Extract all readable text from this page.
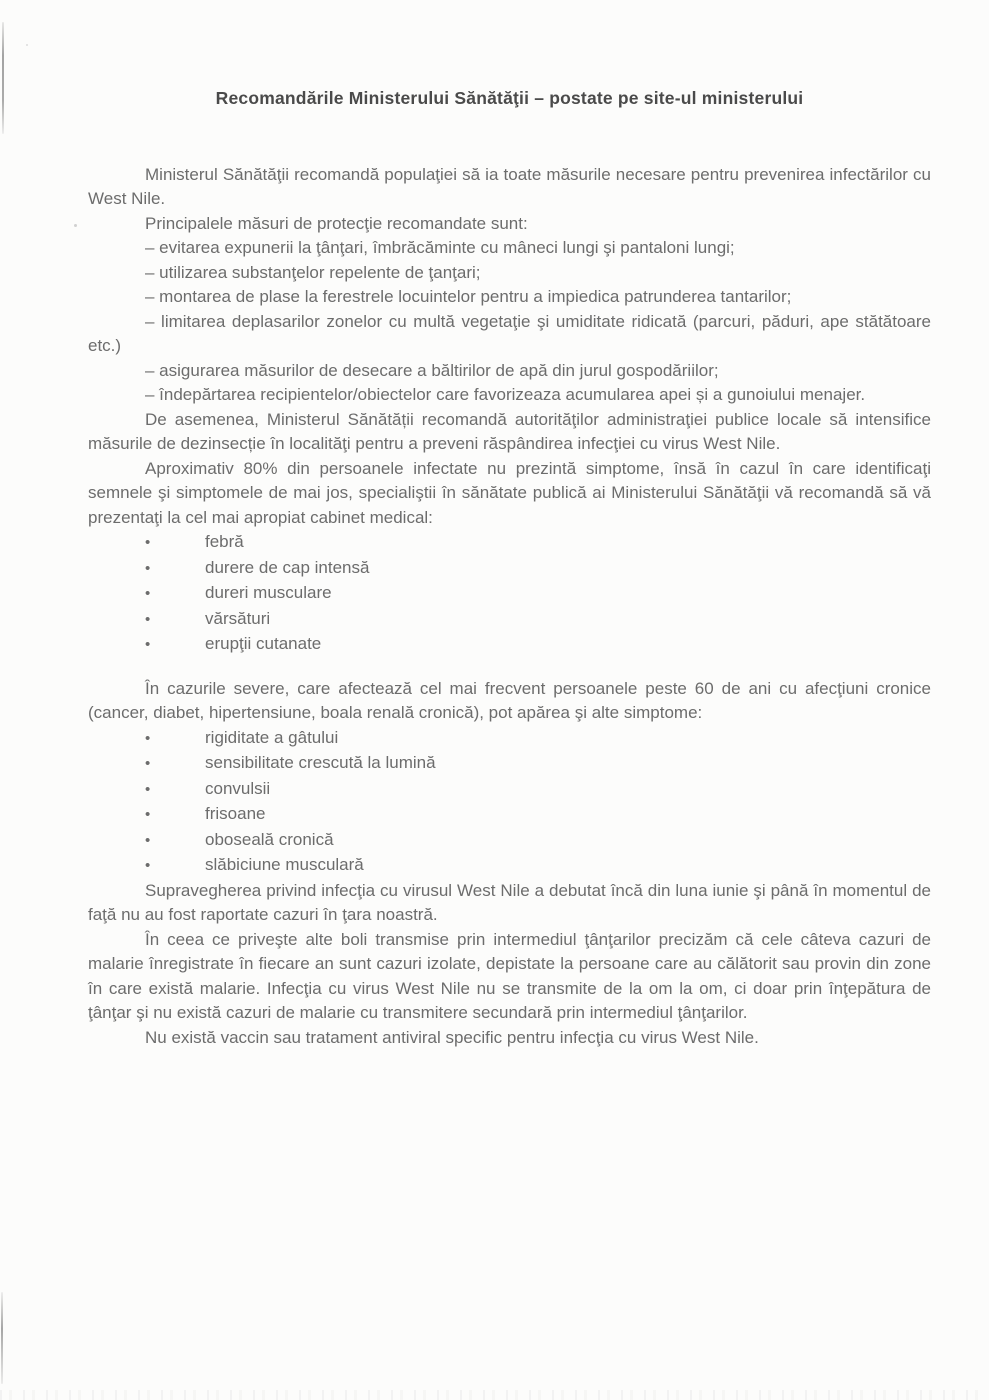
Recomandările Ministerului Sănătăţii – postate pe site-ul ministerului

Ministerul Sănătăţii recomandă populaţiei să ia toate măsurile necesare pentru prevenirea infectărilor cu West Nile.

Principalele măsuri de protecţie recomandate sunt:

– evitarea expunerii la ţânţari, îmbrăcăminte cu mâneci lungi şi pantaloni lungi;

– utilizarea substanţelor repelente de ţanţari;

– montarea de plase la ferestrele locuintelor pentru a impiedica patrunderea tantarilor;

– limitarea deplasarilor zonelor cu multă vegetaţie şi umiditate ridicată (parcuri, păduri, ape stătătoare etc.)

– asigurarea măsurilor de desecare a băltirilor de apă din jurul gospodăriilor;

– îndepărtarea recipientelor/obiectelor care favorizeaza acumularea apei și a gunoiului menajer.

De asemenea, Ministerul Sănătății recomandă autorităţilor administraţiei publice locale să intensifice măsurile de dezinsecție în localităţi pentru a preveni răspândirea infecţiei cu virus West Nile.

Aproximativ 80% din persoanele infectate nu prezintă simptome, însă în cazul în care identificaţi semnele şi simptomele de mai jos, specialiştii în sănătate publică ai Ministerului Sănătăţii vă recomandă să vă prezentaţi la cel mai apropiat cabinet medical:

•	febră
•	durere de cap intensă
•	dureri musculare
•	vărsături
•	erupţii cutanate

În cazurile severe, care afectează cel mai frecvent persoanele peste 60 de ani cu afecţiuni cronice (cancer, diabet, hipertensiune, boala renală cronică), pot apărea şi alte simptome:

•	rigiditate a gâtului
•	sensibilitate crescută la lumină
•	convulsii
•	frisoane
•	oboseală cronică
•	slăbiciune musculară

Supravegherea privind infecţia cu virusul West Nile a debutat încă din luna iunie şi până în momentul de faţă nu au fost raportate cazuri în ţara noastră.

În ceea ce priveşte alte boli transmise prin intermediul ţânţarilor precizăm că cele câteva cazuri de malarie înregistrate în fiecare an sunt cazuri izolate, depistate la persoane care au călătorit sau provin din zone în care există malarie. Infecţia cu virus West Nile nu se transmite de la om la om, ci doar prin înţepătura de ţânţar şi nu există cazuri de malarie cu transmitere secundară prin intermediul ţânţarilor.

Nu există vaccin sau tratament antiviral specific pentru infecţia cu virus West Nile.
